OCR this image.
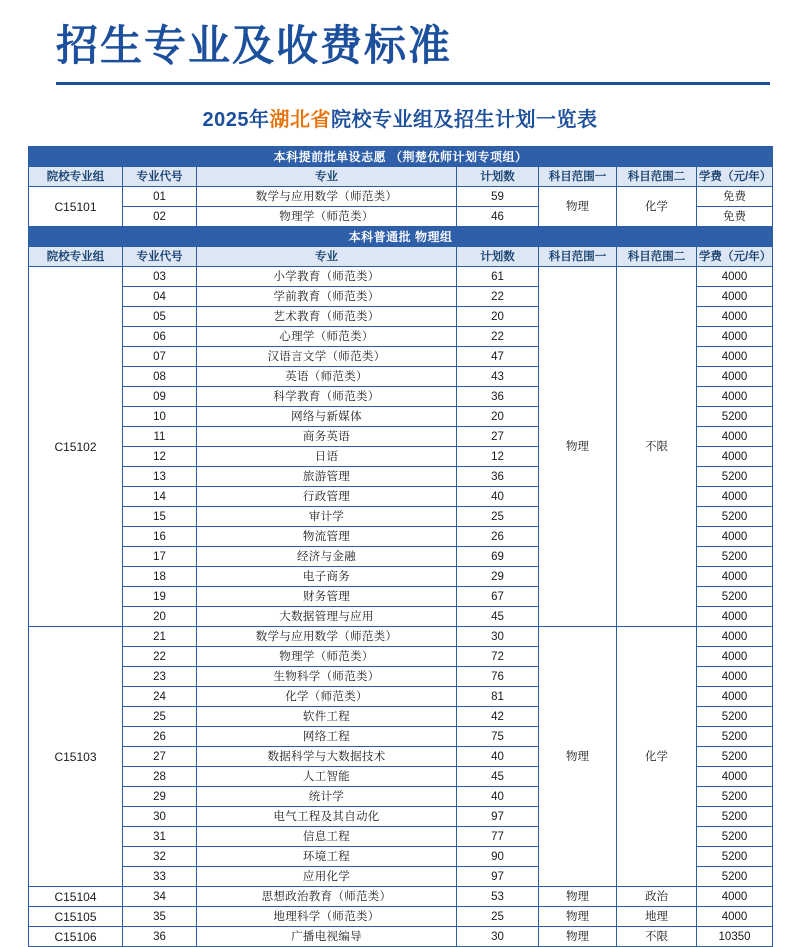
招生专业及收费标准
2025年湖北省院校专业组及招生计划一览表
本科提前批单设志愿 （荆楚优师计划专项组）						
院校专业组	专业代号	专业	计划数	科目范围一	科目范围二	学费（元/年）
C15101	01	数学与应用数学（师范类）	59	物理	化学	免费
	02	物理学（师范类）	46			免费
本科普通批 物理组						
院校专业组	专业代号	专业	计划数	科目范围一	科目范围二	学费（元/年）
C15102	03	小学教育（师范类）	61	物理	不限	4000
	04	学前教育（师范类）	22			4000
	05	艺术教育（师范类）	20			4000
	06	心理学（师范类）	22			4000
	07	汉语言文学（师范类）	47			4000
	08	英语（师范类）	43			4000
	09	科学教育（师范类）	36			4000
	10	网络与新媒体	20			5200
	11	商务英语	27			4000
	12	日语	12			4000
	13	旅游管理	36			5200
	14	行政管理	40			4000
	15	审计学	25			5200
	16	物流管理	26			4000
	17	经济与金融	69			5200
	18	电子商务	29			4000
	19	财务管理	67			5200
	20	大数据管理与应用	45			4000
C15103	21	数学与应用数学（师范类）	30	物理	化学	4000
	22	物理学（师范类）	72			4000
	23	生物科学（师范类）	76			4000
	24	化学（师范类）	81			4000
	25	软件工程	42			5200
	26	网络工程	75			5200
	27	数据科学与大数据技术	40			5200
	28	人工智能	45			4000
	29	统计学	40			5200
	30	电气工程及其自动化	97			5200
	31	信息工程	77			5200
	32	环境工程	90			5200
	33	应用化学	97			5200
C15104	34	思想政治教育（师范类）	53	物理	政治	4000
C15105	35	地理科学（师范类）	25	物理	地理	4000
C15106	36	广播电视编导	30	物理	不限	10350
